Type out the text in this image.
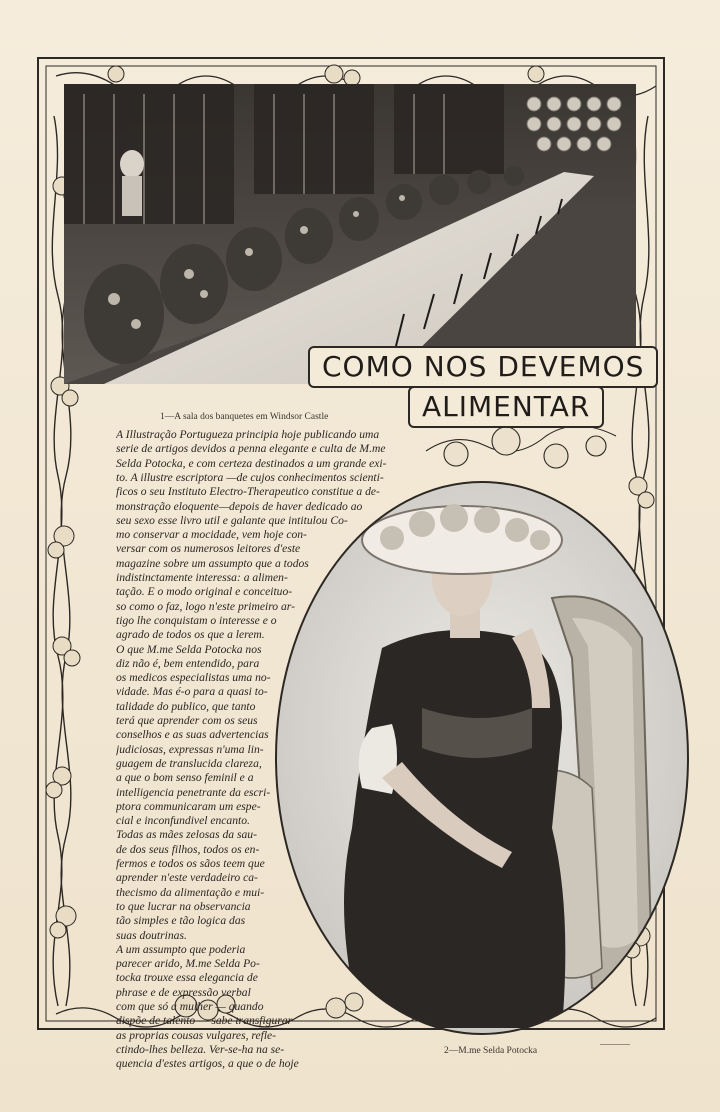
COMO NOS DEVEMOS
ALIMENTAR
1—A sala dos banquetes em Windsor Castle
A Illustração Portugueza principia hoje publicando uma
serie de artigos devidos a penna elegante e culta de M.me
Selda Potocka, e com certeza destinados a um grande exi-
to. A illustre escriptora —de cujos conhecimentos scienti-
ficos o seu Instituto Electro-Therapeutico constitue a de-
monstração eloquente—depois de haver dedicado ao
seu sexo esse livro util e galante que intitulou Co-
mo conservar a mocidade, vem hoje con-
versar com os numerosos leitores d'este
magazine sobre um assumpto que a todos
indistinctamente interessa: a alimen-
tação. E o modo original e conceituo-
so como o faz, logo n'este primeiro ar-
tigo lhe conquistam o interesse e o
agrado de todos os que a lerem.
O que M.me Selda Potocka nos
diz não é, bem entendido, para
os medicos especialistas uma no-
vidade. Mas é-o para a quasi to-
talidade do publico, que tanto
terá que aprender com os seus
conselhos e as suas advertencias
judiciosas, expressas n'uma lin-
guagem de translucida clareza,
a que o bom senso feminil e a
intelligencia penetrante da escri-
ptora communicaram um espe-
cial e inconfundivel encanto.
Todas as mães zelosas da sau-
de dos seus filhos, todos os en-
fermos e todos os sãos teem que
aprender n'este verdadeiro ca-
thecismo da alimentação e mui-
to que lucrar na observancia
tão simples e tão logica das
suas doutrinas.
A um assumpto que poderia
parecer arido, M.me Selda Po-
tocka trouxe essa elegancia de
phrase e de expressão verbal
com que só a mulher — quando
dispõe de talento — sabe transfigurar
as proprias cousas vulgares, refle-
ctindo-lhes belleza. Ver-se-ha na se-
quencia d'estes artigos, a que o de hoje
2—M.me Selda Potocka
